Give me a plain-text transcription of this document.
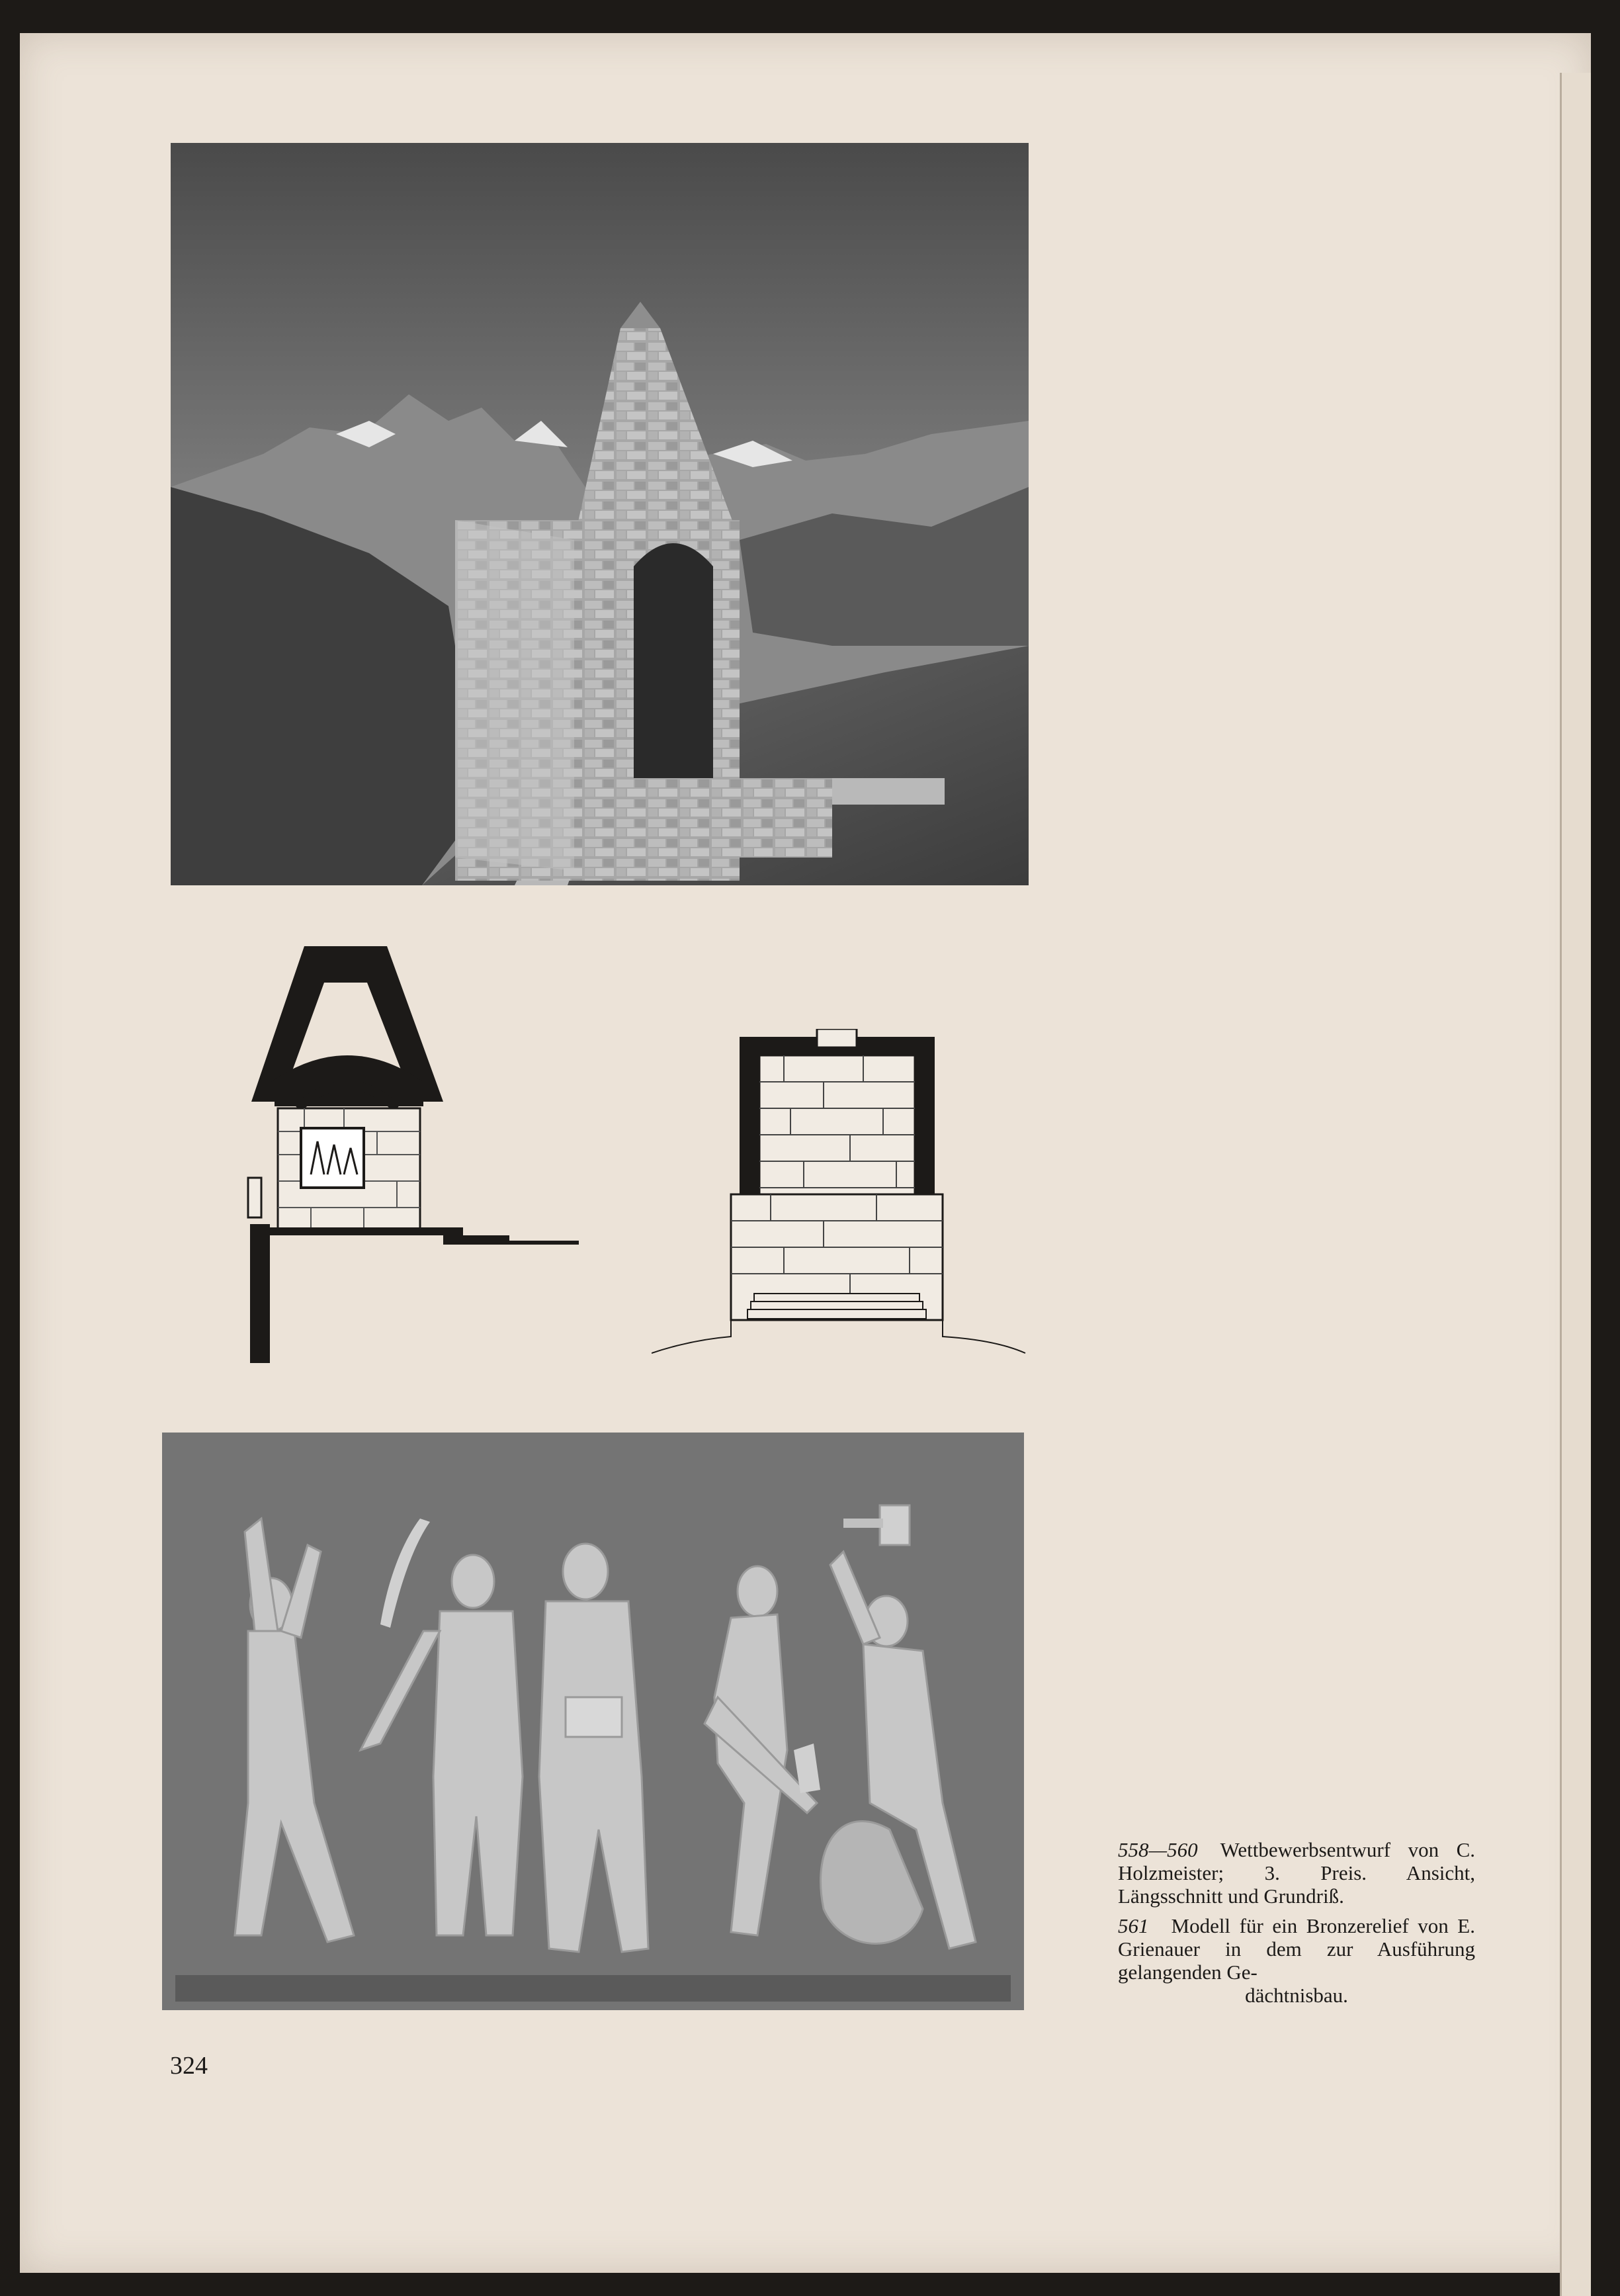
558—560 Wettbewerbsentwurf von C. Holzmeister; 3. Preis. Ansicht, Längsschnitt und Grundriß.

561 Modell für ein Bronzerelief von E. Grienauer in dem zur Ausführung gelangenden Ge-
dächtnisbau.

324
